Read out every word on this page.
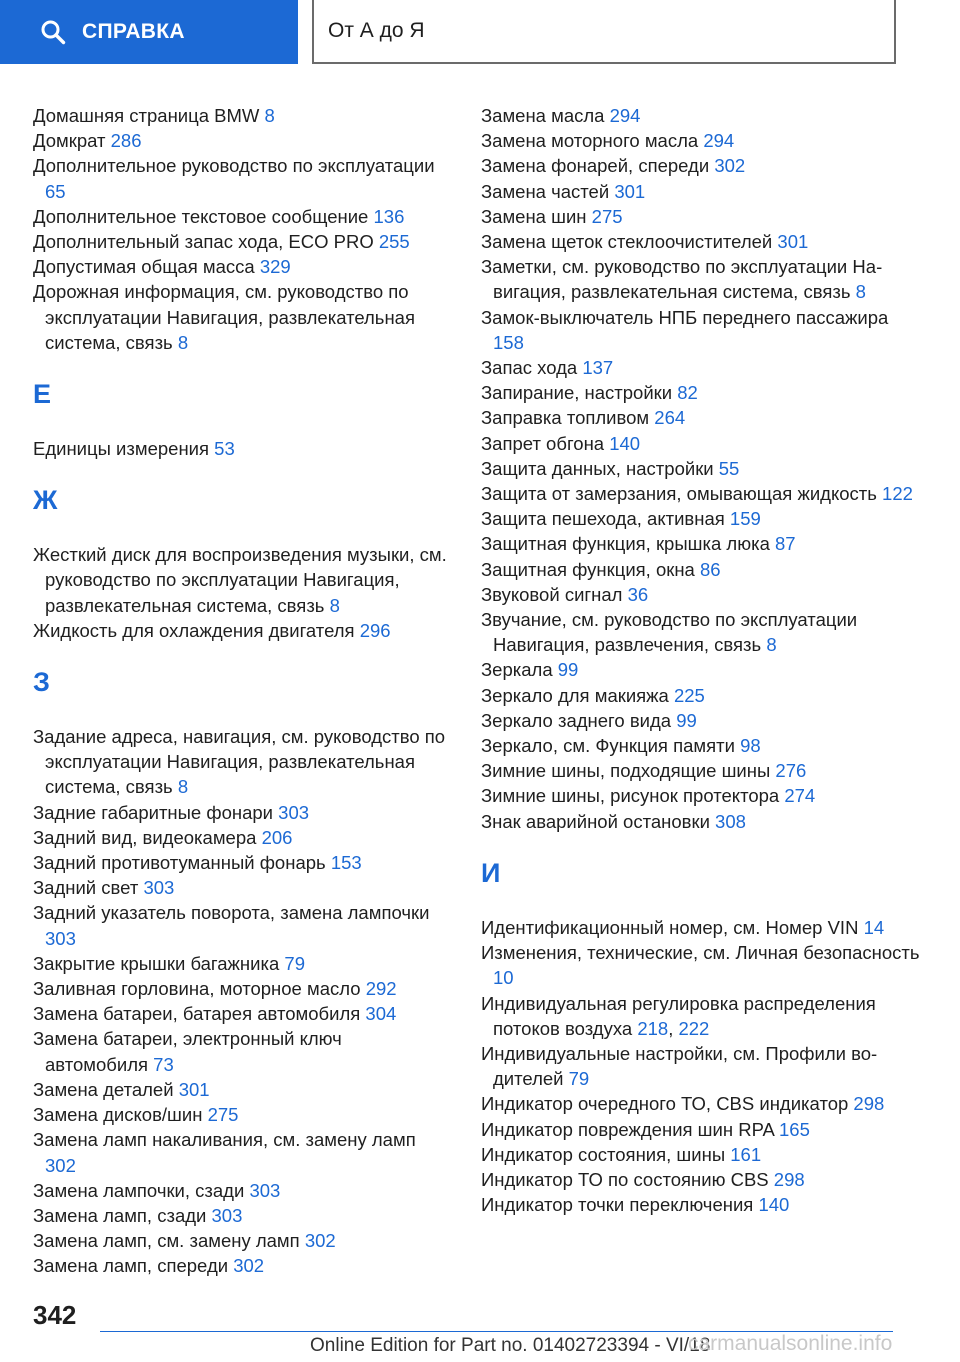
СПРАВКА	От А до Я

Домашняя страница BMW 8

Домкрат 286

Дополнительное руководство по эксплуатации 65

Дополнительное текстовое сообщение 136

Дополнительный запас хода, ECO PRO 255

Допустимая общая масса 329

Дорожная информация, см. руководство по эксплуатации Навигация, развлекательная система, связь 8

Е

Единицы измерения 53

Ж

Жесткий диск для воспроизведения музыки, см. руководство по эксплуатации Навигация, развлекательная система, связь 8

Жидкость для охлаждения двигателя 296

З

Задание адреса, навигация, см. руководство по эксплуатации Навигация, развлекательная система, связь 8

Задние габаритные фонари 303

Задний вид, видеокамера 206

Задний противотуманный фонарь 153

Задний свет 303

Задний указатель поворота, замена лампочки 303

Закрытие крышки багажника 79

Заливная горловина, моторное масло 292

Замена батареи, батарея автомобиля 304

Замена батареи, электронный ключ автомобиля 73

Замена деталей 301

Замена дисков/шин 275

Замена ламп накаливания, см. замену ламп 302

Замена лампочки, сзади 303

Замена ламп, сзади 303

Замена ламп, см. замену ламп 302

Замена ламп, спереди 302

Замена масла 294

Замена моторного масла 294

Замена фонарей, спереди 302

Замена частей 301

Замена шин 275

Замена щеток стеклоочистителей 301

Заметки, см. руководство по эксплуатации Навигация, развлекательная система, связь 8

Замок-выключатель НПБ переднего пассажира 158

Запас хода 137

Запирание, настройки 82

Заправка топливом 264

Запрет обгона 140

Защита данных, настройки 55

Защита от замерзания, омывающая жидкость 122

Защита пешехода, активная 159

Защитная функция, крышка люка 87

Защитная функция, окна 86

Звуковой сигнал 36

Звучание, см. руководство по эксплуатации Навигация, развлечения, связь 8

Зеркала 99

Зеркало для макияжа 225

Зеркало заднего вида 99

Зеркало, см. Функция памяти 98

Зимние шины, подходящие шины 276

Зимние шины, рисунок протектора 274

Знак аварийной остановки 308

И

Идентификационный номер, см. Номер VIN 14

Изменения, технические, см. Личная безопасность 10

Индивидуальная регулировка распределения потоков воздуха 218, 222

Индивидуальные настройки, см. Профили водителей 79

Индикатор очередного ТО, CBS индикатор 298

Индикатор повреждения шин RPA 165

Индикатор состояния, шины 161

Индикатор ТО по состоянию CBS 298

Индикатор точки переключения 140

342
Online Edition for Part no. 01402723394 - VI/18
carmanualsonline.info
